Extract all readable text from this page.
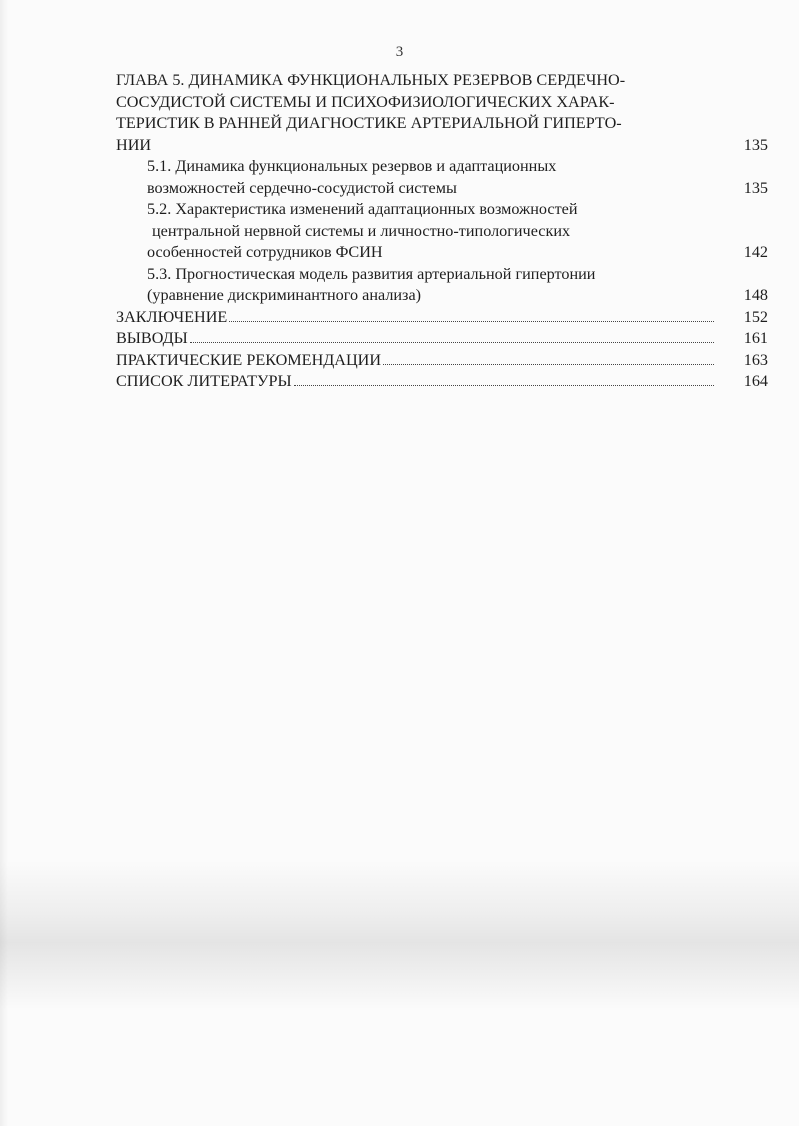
3
ГЛАВА 5. ДИНАМИКА ФУНКЦИОНАЛЬНЫХ РЕЗЕРВОВ СЕРДЕЧНО-
СОСУДИСТОЙ СИСТЕМЫ И ПСИХОФИЗИОЛОГИЧЕСКИХ ХАРАК-
ТЕРИСТИК В РАННЕЙ ДИАГНОСТИКЕ АРТЕРИАЛЬНОЙ ГИПЕРТО-
НИИ	135
5.1. Динамика функциональных резервов и адаптационных
возможностей сердечно-сосудистой системы	135
5.2. Характеристика изменений адаптационных возможностей
центральной нервной системы и личностно-типологических
особенностей сотрудников ФСИН	142
5.3. Прогностическая модель развития артериальной гипертонии
(уравнение дискриминантного анализа)	148
ЗАКЛЮЧЕНИЕ	152
ВЫВОДЫ	161
ПРАКТИЧЕСКИЕ РЕКОМЕНДАЦИИ	163
СПИСОК ЛИТЕРАТУРЫ	164
